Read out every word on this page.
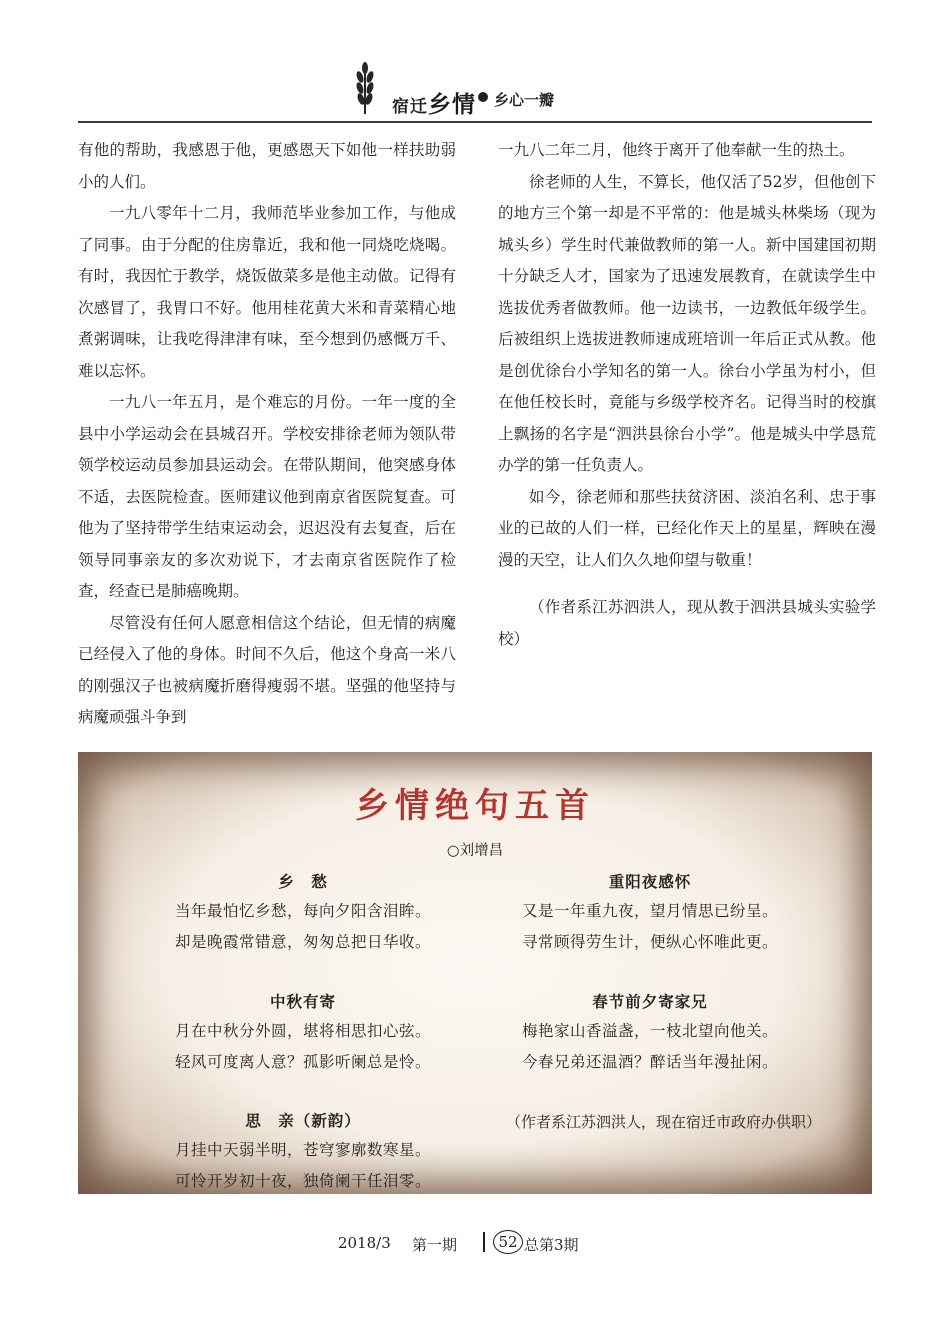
宿迁乡情 乡心一瓣

有他的帮助，我感恩于他，更感恩天下如他一样扶助弱小的人们。

一九八零年十二月，我师范毕业参加工作，与他成了同事。由于分配的住房靠近，我和他一同烧吃烧喝。有时，我因忙于教学，烧饭做菜多是他主动做。记得有次感冒了，我胃口不好。他用桂花黄大米和青菜精心地煮粥调味，让我吃得津津有味，至今想到仍感慨万千、难以忘怀。

一九八一年五月，是个难忘的月份。一年一度的全县中小学运动会在县城召开。学校安排徐老师为领队带领学校运动员参加县运动会。在带队期间，他突感身体不适，去医院检查。医师建议他到南京省医院复查。可他为了坚持带学生结束运动会，迟迟没有去复查，后在领导同事亲友的多次劝说下，才去南京省医院作了检查，经查已是肺癌晚期。

尽管没有任何人愿意相信这个结论，但无情的病魔已经侵入了他的身体。时间不久后，他这个身高一米八的刚强汉子也被病魔折磨得瘦弱不堪。坚强的他坚持与病魔顽强斗争到

一九八二年二月，他终于离开了他奉献一生的热土。

徐老师的人生，不算长，他仅活了52岁，但他创下的地方三个第一却是不平常的：他是城头林柴场（现为城头乡）学生时代兼做教师的第一人。新中国建国初期十分缺乏人才，国家为了迅速发展教育，在就读学生中选拔优秀者做教师。他一边读书，一边教低年级学生。后被组织上选拔进教师速成班培训一年后正式从教。他是创优徐台小学知名的第一人。徐台小学虽为村小，但在他任校长时，竟能与乡级学校齐名。记得当时的校旗上飘扬的名字是“泗洪县徐台小学”。他是城头中学恳荒办学的第一任负责人。

如今，徐老师和那些扶贫济困、淡泊名利、忠于事业的已故的人们一样，已经化作天上的星星，辉映在漫漫的天空，让人们久久地仰望与敬重！

（作者系江苏泗洪人，现从教于泗洪县城头实验学校）

乡情绝句五首
○刘增昌
乡　愁
当年最怕忆乡愁，每向夕阳含泪眸。
却是晚霞常错意，匆匆总把日华收。
中秋有寄
月在中秋分外圆，堪将相思扣心弦。
轻风可度离人意？孤影听阑总是怜。
思　亲（新韵）
月挂中天弱半明，苍穹寥廓数寒星。
可怜开岁初十夜，独倚阑干任泪零。
重阳夜感怀
又是一年重九夜，望月情思已纷呈。
寻常顾得劳生计，便纵心怀唯此更。
春节前夕寄家兄
梅艳家山香溢盏，一枝北望向他关。
今春兄弟还温酒？醉话当年漫扯闲。
（作者系江苏泗洪人，现在宿迁市政府办供职）
2018/3 第一期	52 总第3期
